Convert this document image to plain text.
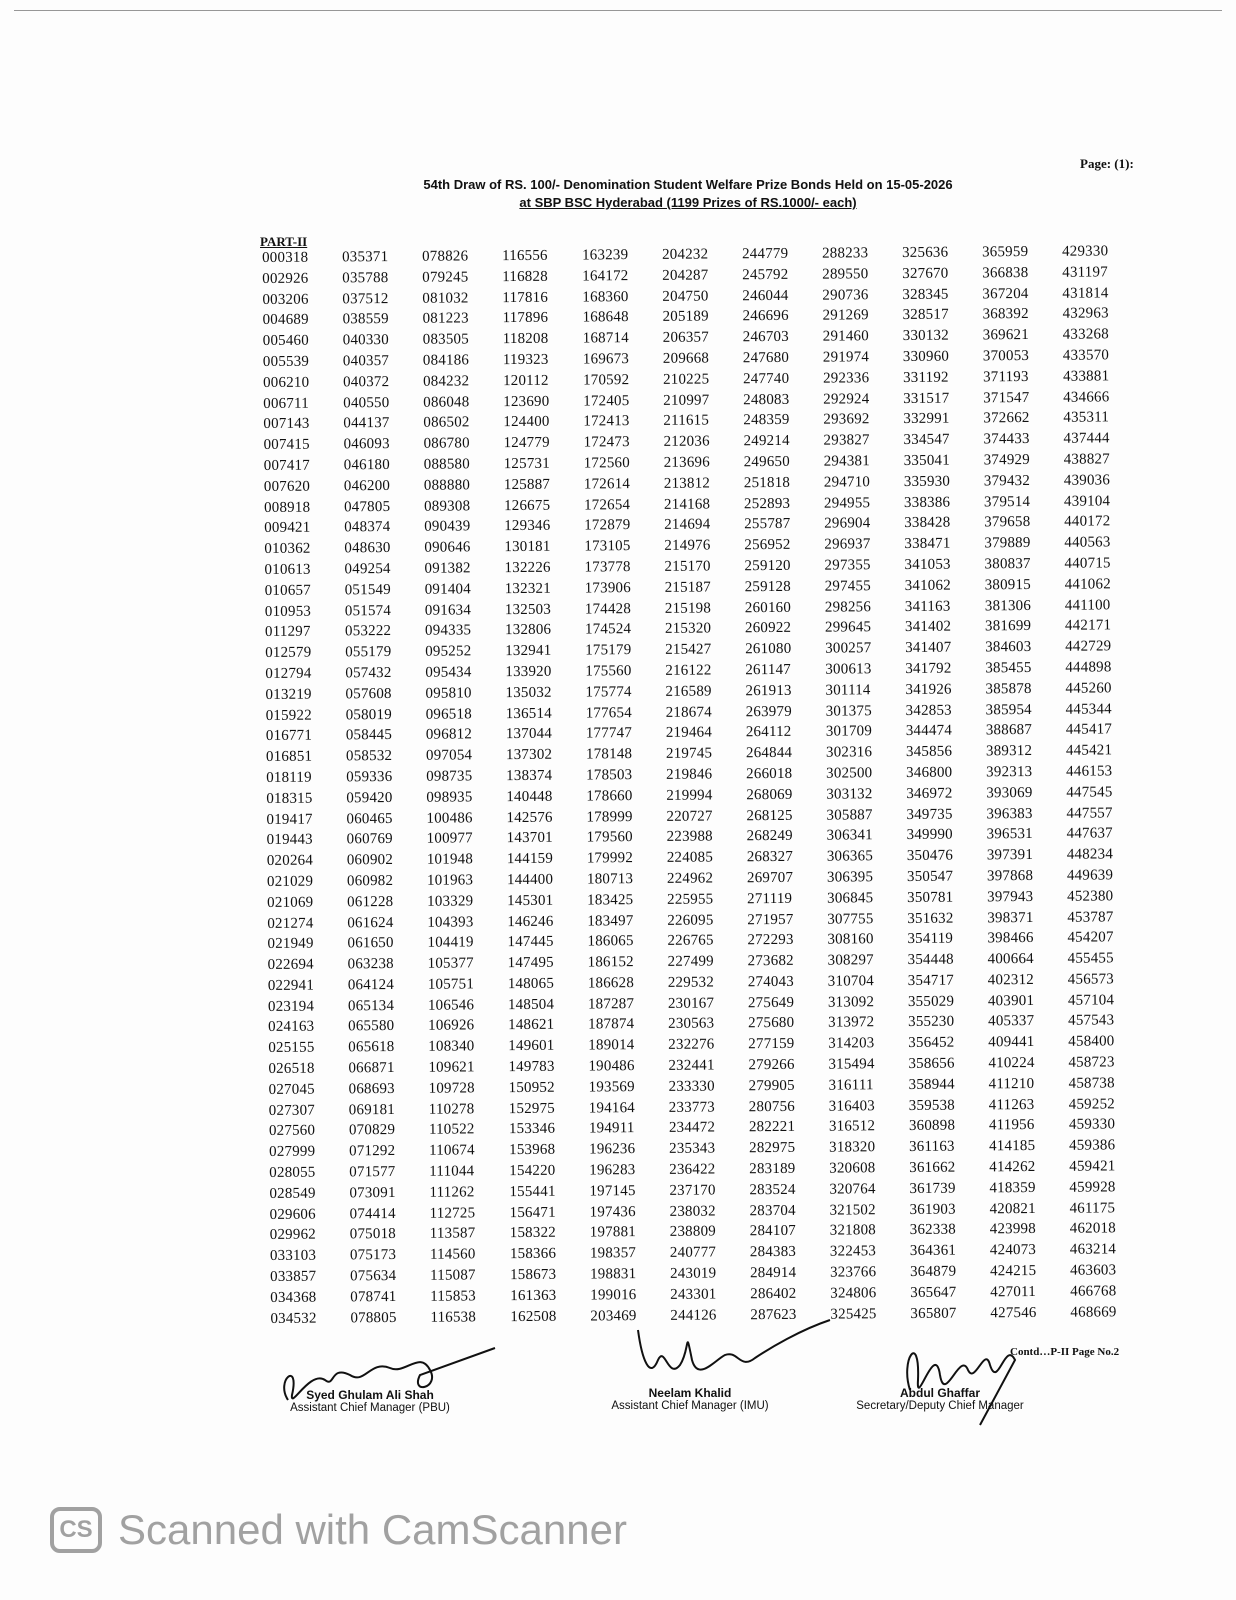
Page: (1):
54th Draw of RS. 100/- Denomination Student Welfare Prize Bonds Held on 15-05-2026
at SBP BSC Hyderabad (1199 Prizes of RS.1000/- each)
PART-II
000318
002926
003206
004689
005460
005539
006210
006711
007143
007415
007417
007620
008918
009421
010362
010613
010657
010953
011297
012579
012794
013219
015922
016771
016851
018119
018315
019417
019443
020264
021029
021069
021274
021949
022694
022941
023194
024163
025155
026518
027045
027307
027560
027999
028055
028549
029606
029962
033103
033857
034368
034532
035371
035788
037512
038559
040330
040357
040372
040550
044137
046093
046180
046200
047805
048374
048630
049254
051549
051574
053222
055179
057432
057608
058019
058445
058532
059336
059420
060465
060769
060902
060982
061228
061624
061650
063238
064124
065134
065580
065618
066871
068693
069181
070829
071292
071577
073091
074414
075018
075173
075634
078741
078805
078826
079245
081032
081223
083505
084186
084232
086048
086502
086780
088580
088880
089308
090439
090646
091382
091404
091634
094335
095252
095434
095810
096518
096812
097054
098735
098935
100486
100977
101948
101963
103329
104393
104419
105377
105751
106546
106926
108340
109621
109728
110278
110522
110674
111044
111262
112725
113587
114560
115087
115853
116538
116556
116828
117816
117896
118208
119323
120112
123690
124400
124779
125731
125887
126675
129346
130181
132226
132321
132503
132806
132941
133920
135032
136514
137044
137302
138374
140448
142576
143701
144159
144400
145301
146246
147445
147495
148065
148504
148621
149601
149783
150952
152975
153346
153968
154220
155441
156471
158322
158366
158673
161363
162508
163239
164172
168360
168648
168714
169673
170592
172405
172413
172473
172560
172614
172654
172879
173105
173778
173906
174428
174524
175179
175560
175774
177654
177747
178148
178503
178660
178999
179560
179992
180713
183425
183497
186065
186152
186628
187287
187874
189014
190486
193569
194164
194911
196236
196283
197145
197436
197881
198357
198831
199016
203469
204232
204287
204750
205189
206357
209668
210225
210997
211615
212036
213696
213812
214168
214694
214976
215170
215187
215198
215320
215427
216122
216589
218674
219464
219745
219846
219994
220727
223988
224085
224962
225955
226095
226765
227499
229532
230167
230563
232276
232441
233330
233773
234472
235343
236422
237170
238032
238809
240777
243019
243301
244126
244779
245792
246044
246696
246703
247680
247740
248083
248359
249214
249650
251818
252893
255787
256952
259120
259128
260160
260922
261080
261147
261913
263979
264112
264844
266018
268069
268125
268249
268327
269707
271119
271957
272293
273682
274043
275649
275680
277159
279266
279905
280756
282221
282975
283189
283524
283704
284107
284383
284914
286402
287623
288233
289550
290736
291269
291460
291974
292336
292924
293692
293827
294381
294710
294955
296904
296937
297355
297455
298256
299645
300257
300613
301114
301375
301709
302316
302500
303132
305887
306341
306365
306395
306845
307755
308160
308297
310704
313092
313972
314203
315494
316111
316403
316512
318320
320608
320764
321502
321808
322453
323766
324806
325425
325636
327670
328345
328517
330132
330960
331192
331517
332991
334547
335041
335930
338386
338428
338471
341053
341062
341163
341402
341407
341792
341926
342853
344474
345856
346800
346972
349735
349990
350476
350547
350781
351632
354119
354448
354717
355029
355230
356452
358656
358944
359538
360898
361163
361662
361739
361903
362338
364361
364879
365647
365807
365959
366838
367204
368392
369621
370053
371193
371547
372662
374433
374929
379432
379514
379658
379889
380837
380915
381306
381699
384603
385455
385878
385954
388687
389312
392313
393069
396383
396531
397391
397868
397943
398371
398466
400664
402312
403901
405337
409441
410224
411210
411263
411956
414185
414262
418359
420821
423998
424073
424215
427011
427546
429330
431197
431814
432963
433268
433570
433881
434666
435311
437444
438827
439036
439104
440172
440563
440715
441062
441100
442171
442729
444898
445260
445344
445417
445421
446153
447545
447557
447637
448234
449639
452380
453787
454207
455455
456573
457104
457543
458400
458723
458738
459252
459330
459386
459421
459928
461175
462018
463214
463603
466768
468669
Contd…P-II Page No.2
Syed Ghulam Ali Shah
Assistant Chief Manager (PBU)
Neelam Khalid
Assistant Chief Manager (IMU)
Abdul Ghaffar
Secretary/Deputy Chief Manager
CS Scanned with CamScanner
